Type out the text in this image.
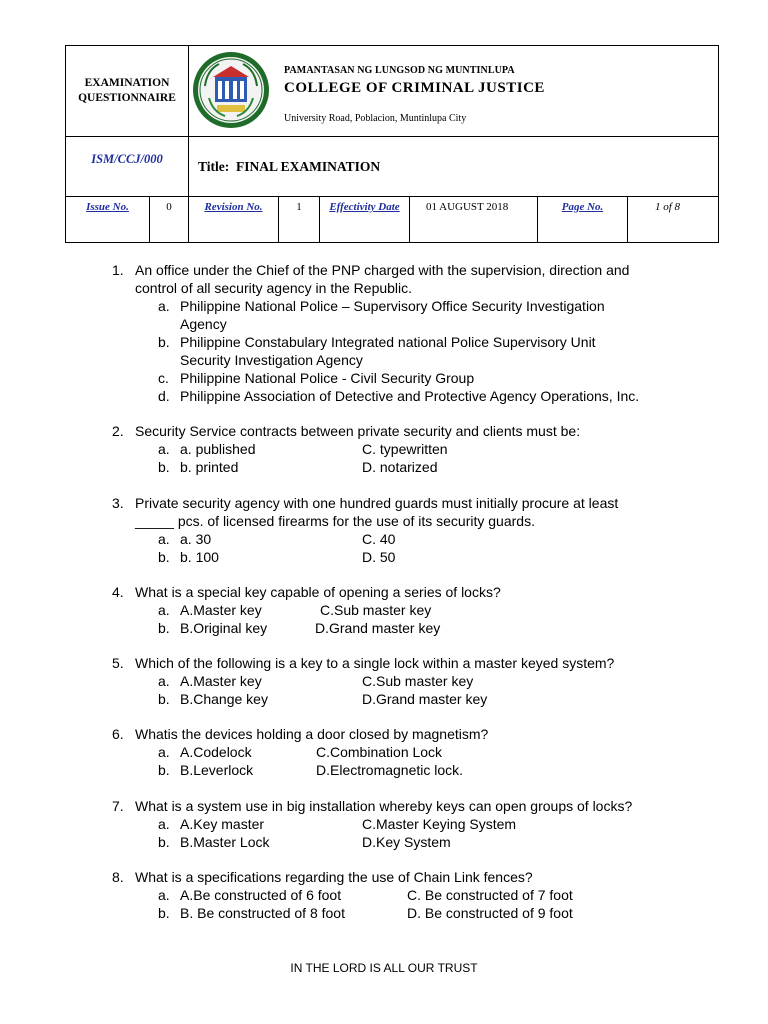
EXAMINATION QUESTIONNAIRE
PAMANTASAN NG LUNGSOD NG MUNTINLUPA
COLLEGE OF CRIMINAL JUSTICE
University Road, Poblacion, Muntinlupa City
ISM/CCJ/000	Title: FINAL EXAMINATION
Issue No.	0	Revision No.	1	Effectivity Date	01 AUGUST 2018	Page No.	1 of 8
1. An office under the Chief of the PNP charged with the supervision, direction and
control of all security agency in the Republic.
a. Philippine National Police – Supervisory Office Security Investigation
Agency
b. Philippine Constabulary Integrated national Police Supervisory Unit
Security Investigation Agency
c. Philippine National Police - Civil Security Group
d. Philippine Association of Detective and Protective Agency Operations, Inc.
2. Security Service contracts between private security and clients must be:
a. a. published	C. typewritten
b. b. printed	D. notarized
3. Private security agency with one hundred guards must initially procure at least
_____ pcs. of licensed firearms for the use of its security guards.
a. a. 30	C. 40
b. b. 100	D. 50
4. What is a special key capable of opening a series of locks?
a. A.Master key	C.Sub master key
b. B.Original key	D.Grand master key
5. Which of the following is a key to a single lock within a master keyed system?
a. A.Master key	C.Sub master key
b. B.Change key	D.Grand master key
6. Whatis the devices holding a door closed by magnetism?
a. A.Codelock	C.Combination Lock
b. B.Leverlock	D.Electromagnetic lock.
7. What is a system use in big installation whereby keys can open groups of locks?
a. A.Key master	C.Master Keying System
b. B.Master Lock	D.Key System
8. What is a specifications regarding the use of Chain Link fences?
a. A.Be constructed of 6 foot	C. Be constructed of 7 foot
b. B. Be constructed of 8 foot	D. Be constructed of 9 foot
IN THE LORD IS ALL OUR TRUST
